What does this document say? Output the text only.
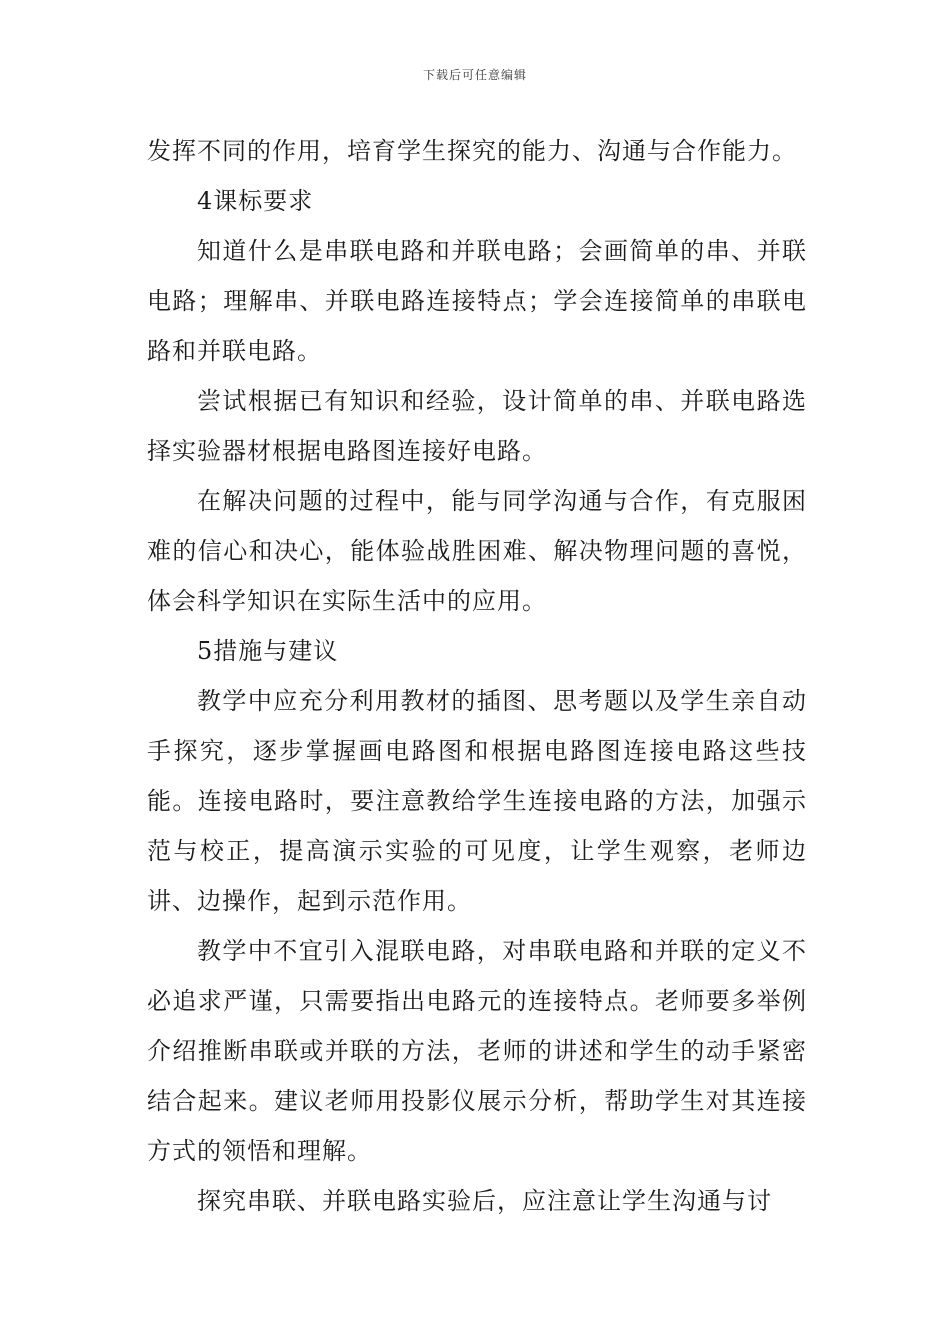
下载后可任意编辑

发挥不同的作用，培育学生探究的能力、沟通与合作能力。

4课标要求

知道什么是串联电路和并联电路；会画简单的串、并联电路；理解串、并联电路连接特点；学会连接简单的串联电路和并联电路。

尝试根据已有知识和经验，设计简单的串、并联电路选择实验器材根据电路图连接好电路。

在解决问题的过程中，能与同学沟通与合作，有克服困难的信心和决心，能体验战胜困难、解决物理问题的喜悦，体会科学知识在实际生活中的应用。

5措施与建议

教学中应充分利用教材的插图、思考题以及学生亲自动手探究，逐步掌握画电路图和根据电路图连接电路这些技能。连接电路时，要注意教给学生连接电路的方法，加强示范与校正，提高演示实验的可见度，让学生观察，老师边讲、边操作，起到示范作用。

教学中不宜引入混联电路，对串联电路和并联的定义不必追求严谨，只需要指出电路元的连接特点。老师要多举例介绍推断串联或并联的方法，老师的讲述和学生的动手紧密结合起来。建议老师用投影仪展示分析，帮助学生对其连接方式的领悟和理解。

探究串联、并联电路实验后，应注意让学生沟通与讨
